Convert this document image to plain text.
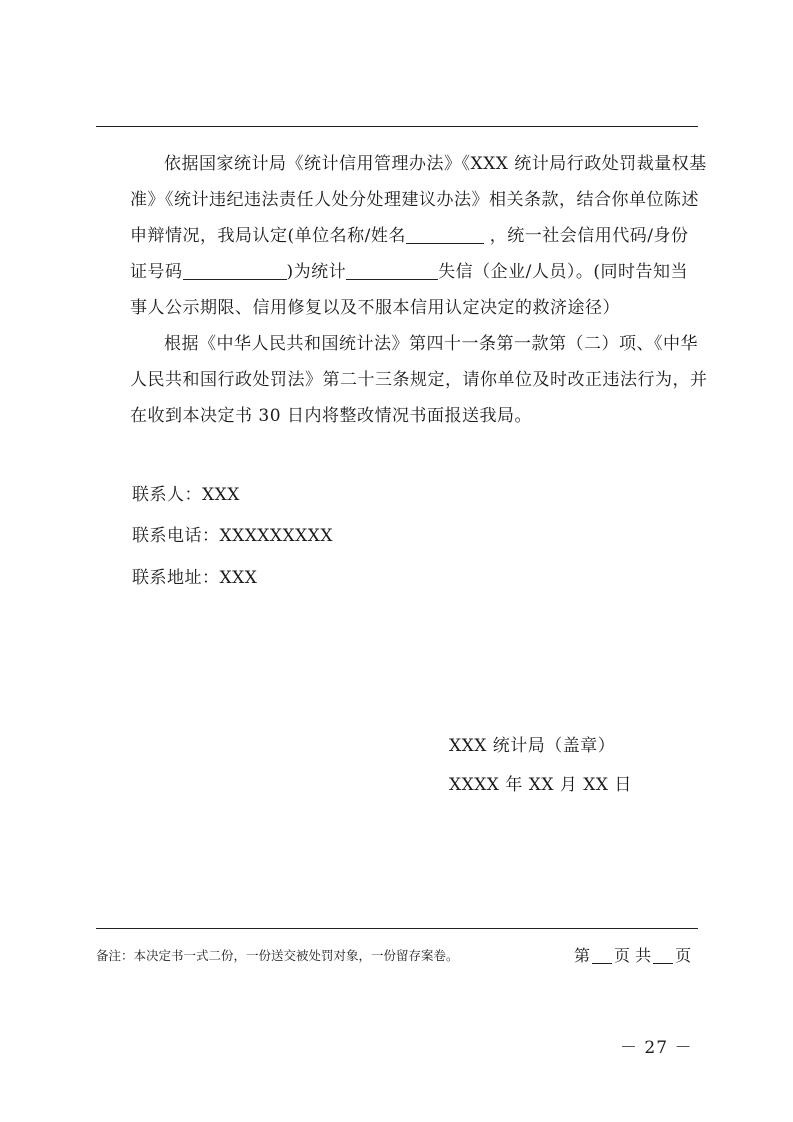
依据国家统计局《统计信用管理办法》《XXX 统计局行政处罚裁量权基
准》《统计违纪违法责任人处分处理建议办法》相关条款，结合你单位陈述
申辩情况，我局认定(单位名称/姓名	，统一社会信用代码/身份
证号码	)为统计	失信（企业/人员）。(同时告知当
事人公示期限、信用修复以及不服本信用认定决定的救济途径）
根据《中华人民共和国统计法》第四十一条第一款第（二）项、《中华
人民共和国行政处罚法》第二十三条规定，请你单位及时改正违法行为，并
在收到本决定书 30 日内将整改情况书面报送我局。
联系人：XXX
联系电话：XXXXXXXXX
联系地址：XXX
XXX 统计局（盖章）
XXXX 年 XX 月 XX 日
备注：本决定书一式二份，一份送交被处罚对象，一份留存案卷。	第 页 共 页
－ 27 －
